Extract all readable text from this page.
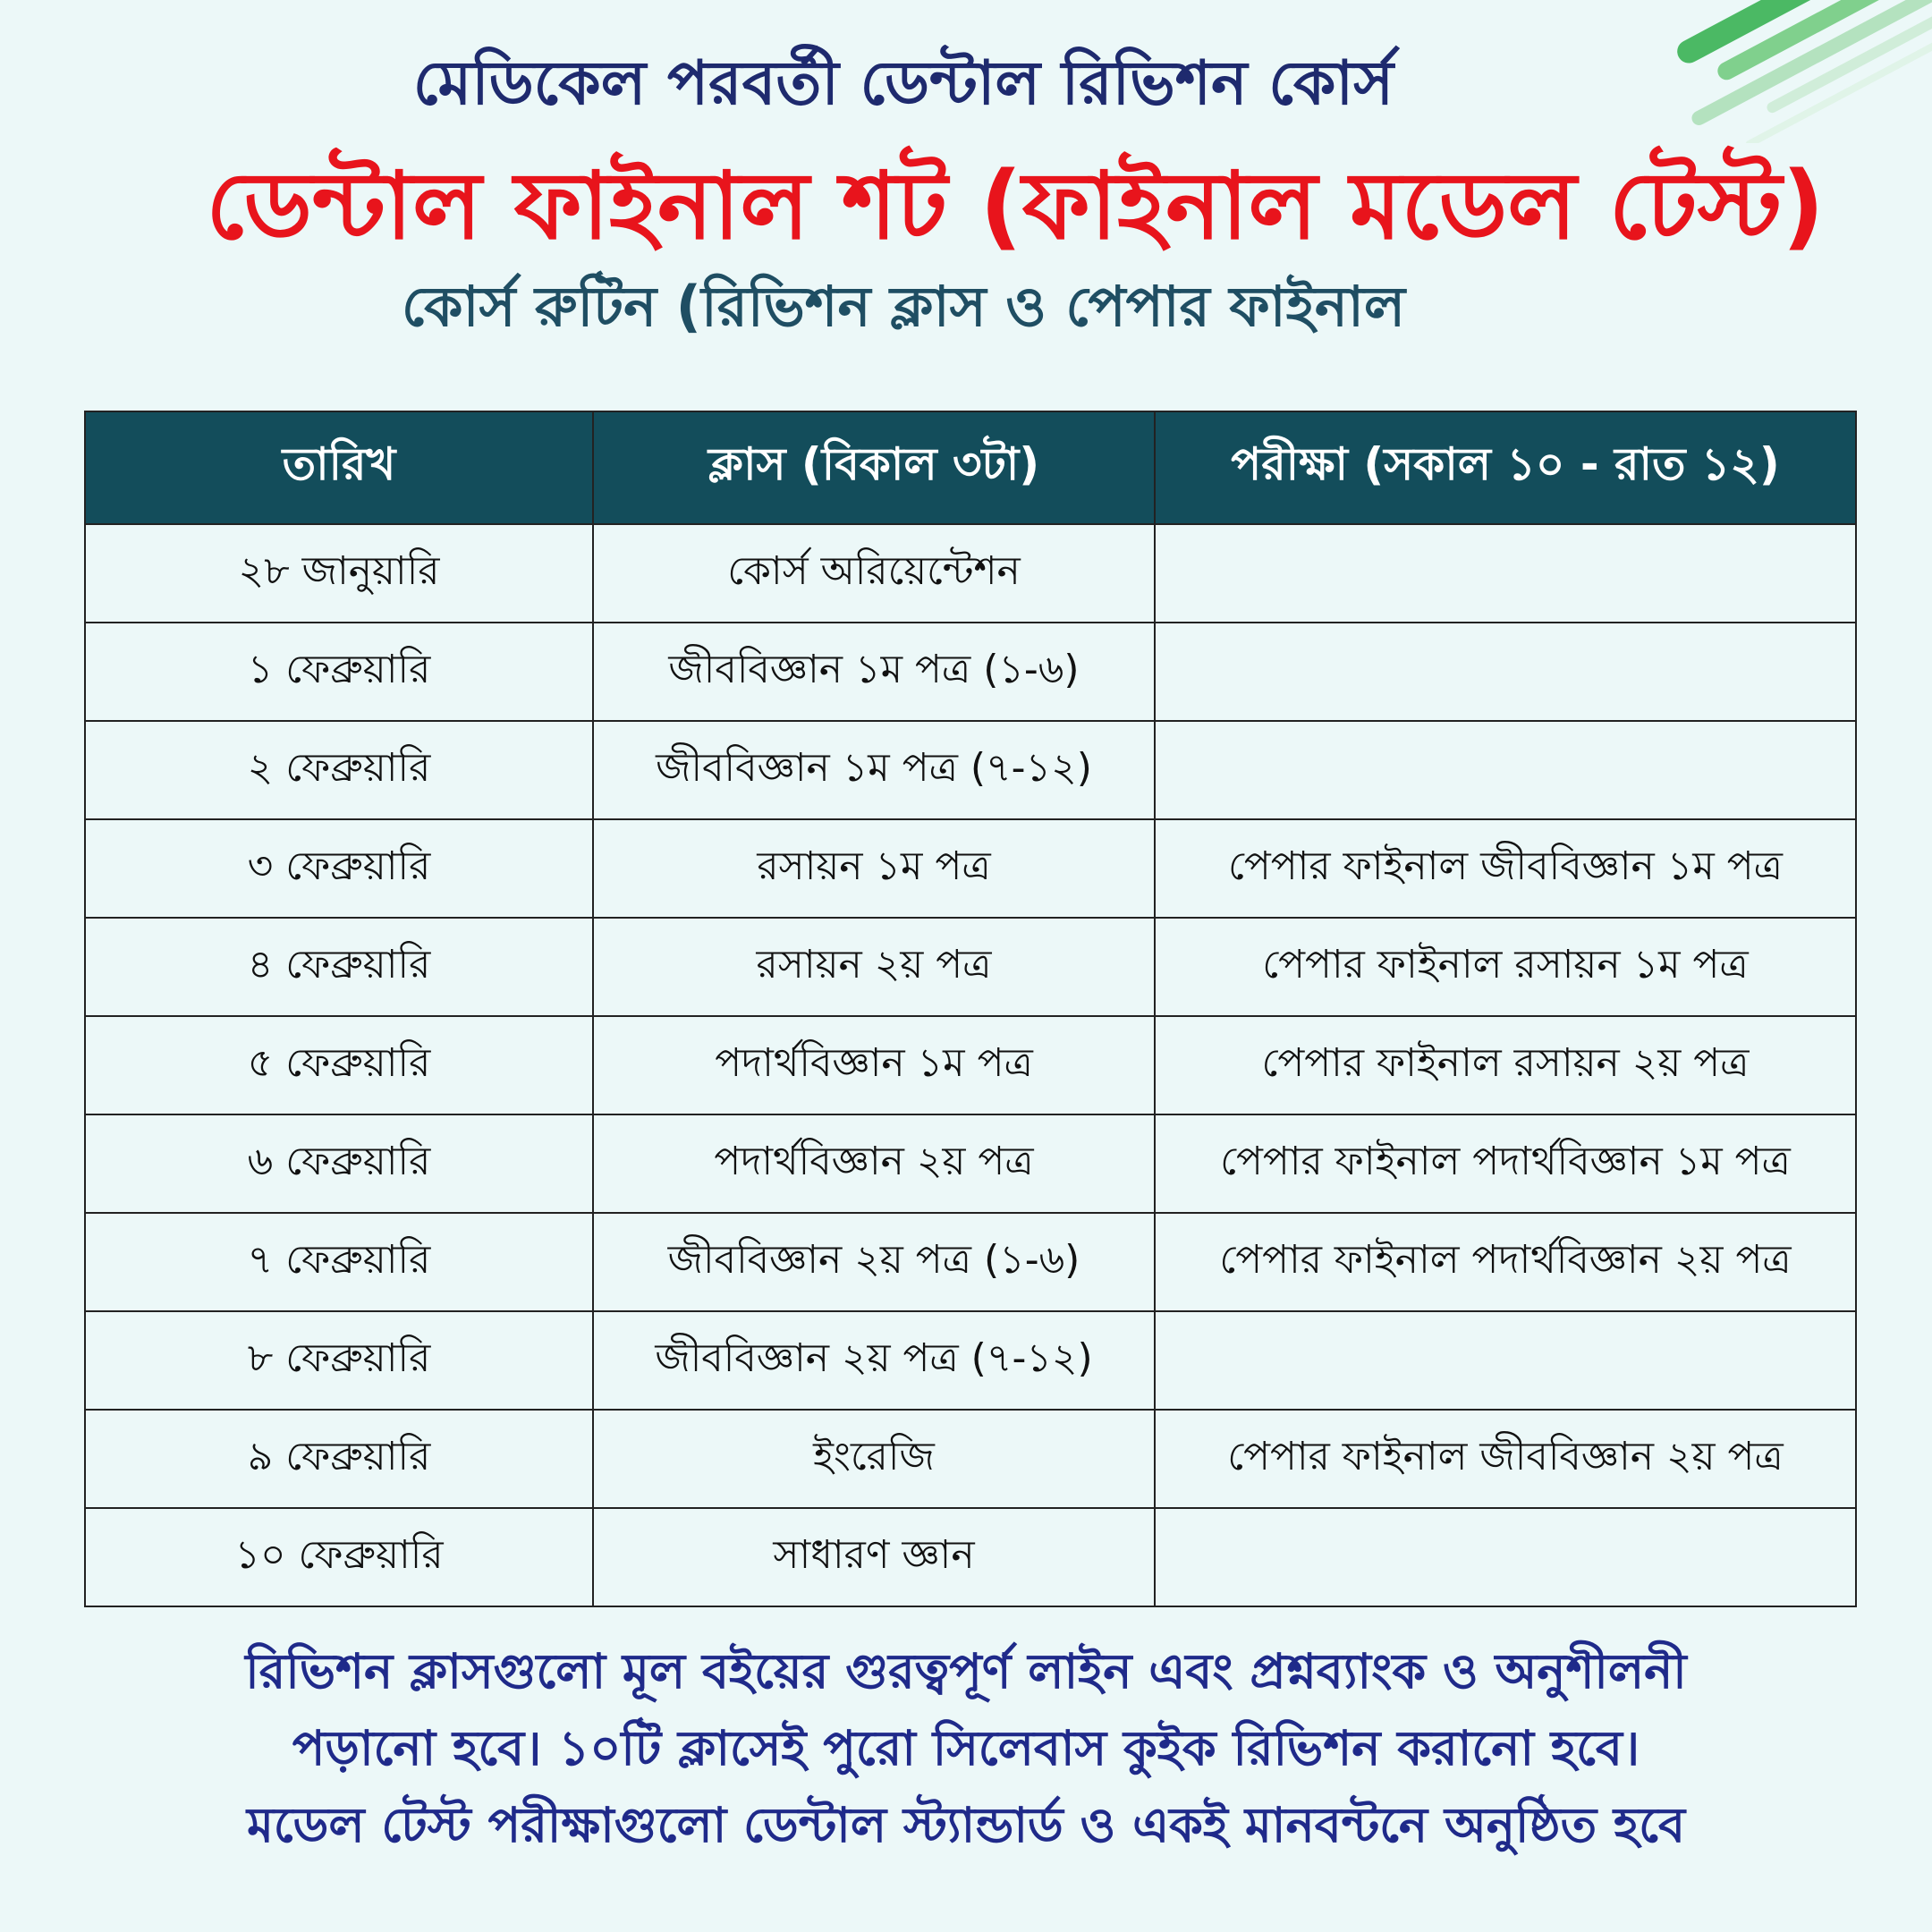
মেডিকেল পরবর্তী ডেন্টাল রিভিশন কোর্স
ডেন্টাল ফাইনাল শট (ফাইনাল মডেল টেস্ট)
কোর্স রুটিন (রিভিশন ক্লাস ও পেপার ফাইনাল
তারিখ	ক্লাস (বিকাল ৩টা)	পরীক্ষা (সকাল ১০ - রাত ১২)
২৮ জানুয়ারি	কোর্স অরিয়েন্টেশন	
১ ফেব্রুয়ারি	জীববিজ্ঞান ১ম পত্র (১-৬)	
২ ফেব্রুয়ারি	জীববিজ্ঞান ১ম পত্র (৭-১২)	
৩ ফেব্রুয়ারি	রসায়ন ১ম পত্র	পেপার ফাইনাল জীববিজ্ঞান ১ম পত্র
৪ ফেব্রুয়ারি	রসায়ন ২য় পত্র	পেপার ফাইনাল রসায়ন ১ম পত্র
৫ ফেব্রুয়ারি	পদার্থবিজ্ঞান ১ম পত্র	পেপার ফাইনাল রসায়ন ২য় পত্র
৬ ফেব্রুয়ারি	পদার্থবিজ্ঞান ২য় পত্র	পেপার ফাইনাল পদার্থবিজ্ঞান ১ম পত্র
৭ ফেব্রুয়ারি	জীববিজ্ঞান ২য় পত্র (১-৬)	পেপার ফাইনাল পদার্থবিজ্ঞান ২য় পত্র
৮ ফেব্রুয়ারি	জীববিজ্ঞান ২য় পত্র (৭-১২)	
৯ ফেব্রুয়ারি	ইংরেজি	পেপার ফাইনাল জীববিজ্ঞান ২য় পত্র
১০ ফেব্রুয়ারি	সাধারণ জ্ঞান	
রিভিশন ক্লাসগুলো মূল বইয়ের গুরত্বপূর্ণ লাইন এবং প্রশ্নব্যাংক ও অনুশীলনী
পড়ানো হবে। ১০টি ক্লাসেই পুরো সিলেবাস কুইক রিভিশন করানো হবে।
মডেল টেস্ট পরীক্ষাগুলো ডেন্টাল স্ট্যান্ডার্ড ও একই মানবন্টনে অনুষ্ঠিত হবে
